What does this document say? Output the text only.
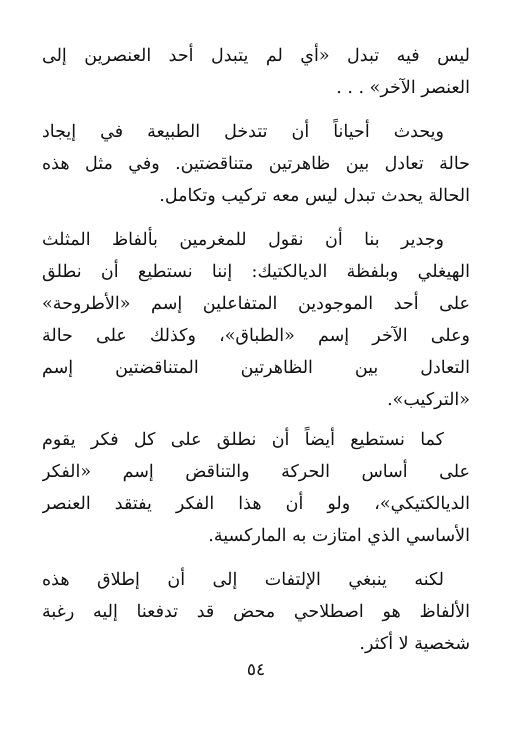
ليس فيه تبدل «أي لم يتبدل أحد العنصرين إلى
العنصر الآخر» . . .
ويحدث أحياناً أن تتدخل الطبيعة في إيجاد
حالة تعادل بين ظاهرتين متناقضتين. وفي مثل هذه
الحالة يحدث تبدل ليس معه تركيب وتكامل.
وجدير بنا أن نقول للمغرمين بألفاظ المثلث
الهيغلي وبلفظة الديالكتيك: إننا نستطيع أن نطلق
على أحد الموجودين المتفاعلين إسم «الأطروحة»
وعلى الآخر إسم «الطباق»، وكذلك على حالة
التعادل بين الظاهرتين المتناقضتين إسم
«التركيب».
كما نستطيع أيضاً أن نطلق على كل فكر يقوم
على أساس الحركة والتناقض إسم «الفكر
الديالكتيكي»، ولو أن هذا الفكر يفتقد العنصر
الأساسي الذي امتازت به الماركسية.
لكنه ينبغي الإلتفات إلى أن إطلاق هذه
الألفاظ هو اصطلاحي محض قد تدفعنا إليه رغبة
شخصية لا أكثر.
٥٤
